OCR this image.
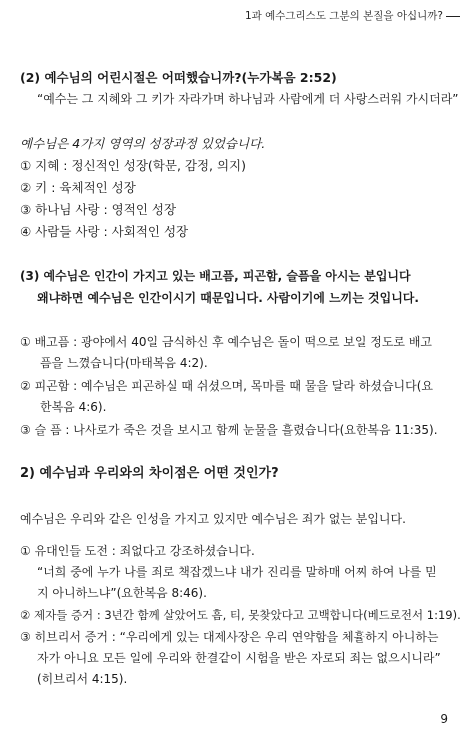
1과 예수그리스도 그분의 본질을 아십니까?
(2) 예수님의 어린시절은 어떠했습니까?(누가복음 2:52)
“예수는 그 지혜와 그 키가 자라가며 하나님과 사람에게 더 사랑스러워 가시더라”
예수님은 4가지 영역의 성장과정 있었습니다.
① 지혜 : 정신적인 성장(학문, 감정, 의지)
② 키 : 육체적인 성장
③ 하나님 사랑 : 영적인 성장
④ 사람들 사랑 : 사회적인 성장
(3) 예수님은 인간이 가지고 있는 배고픔, 피곤함, 슬픔을 아시는 분입니다
왜냐하면 예수님은 인간이시기 때문입니다. 사람이기에 느끼는 것입니다.
① 배고픔 : 광야에서 40일 금식하신 후 예수님은 돌이 떡으로 보일 정도로 배고
픔을 느꼈습니다(마태복음 4:2).
② 피곤함 : 예수님은 피곤하실 때 쉬셨으며, 목마를 때 물을 달라 하셨습니다(요
한복음 4:6).
③ 슬 픔 : 나사로가 죽은 것을 보시고 함께 눈물을 흘렸습니다(요한복음 11:35).
2) 예수님과 우리와의 차이점은 어떤 것인가?
예수님은 우리와 같은 인성을 가지고 있지만 예수님은 죄가 없는 분입니다.
① 유대인들 도전 : 죄없다고 강조하셨습니다.
“너희 중에 누가 나를 죄로 책잡겠느냐 내가 진리를 말하매 어찌 하여 나를 믿
지 아니하느냐”(요한복음 8:46).
② 제자들 증거 : 3년간 함께 살았어도 흠, 티, 못찾았다고 고백합니다(베드로전서 1:19).
③ 히브리서 증거 : “우리에게 있는 대제사장은 우리 연약함을 체휼하지 아니하는
자가 아니요 모든 일에 우리와 한결같이 시험을 받은 자로되 죄는 없으시니라”
(히브리서 4:15).
9
